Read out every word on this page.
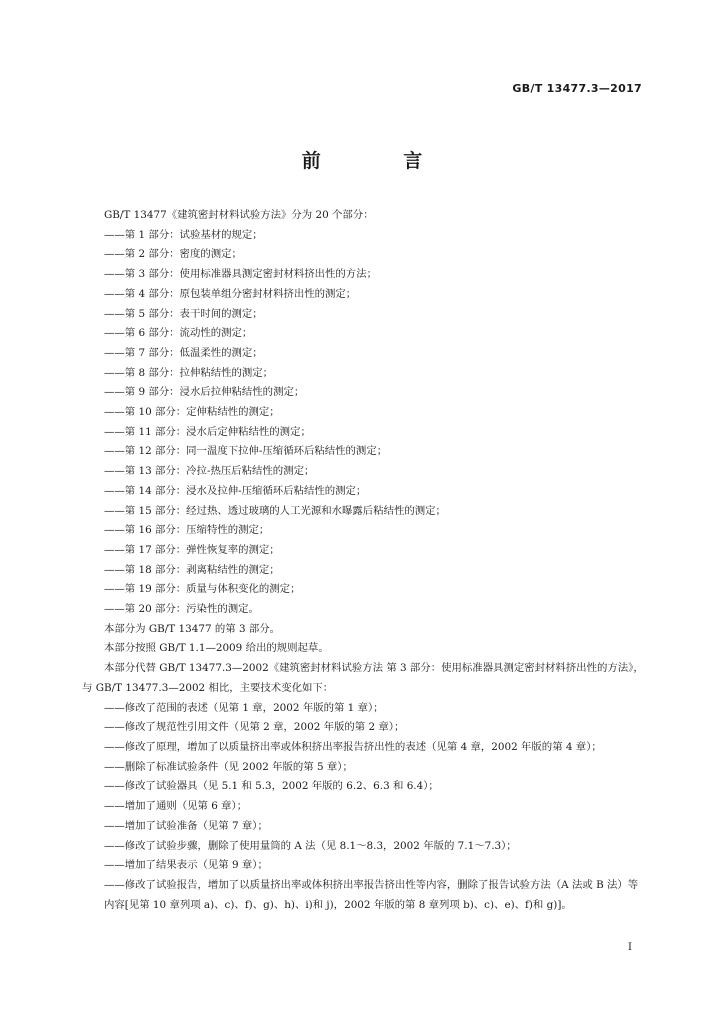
GB/T 13477.3—2017
前 言
GB/T 13477《建筑密封材料试验方法》分为 20 个部分：
——第 1 部分：试验基材的规定；
——第 2 部分：密度的测定；
——第 3 部分：使用标准器具测定密封材料挤出性的方法；
——第 4 部分：原包装单组分密封材料挤出性的测定；
——第 5 部分：表干时间的测定；
——第 6 部分：流动性的测定；
——第 7 部分：低温柔性的测定；
——第 8 部分：拉伸粘结性的测定；
——第 9 部分：浸水后拉伸粘结性的测定；
——第 10 部分：定伸粘结性的测定；
——第 11 部分：浸水后定伸粘结性的测定；
——第 12 部分：同一温度下拉伸-压缩循环后粘结性的测定；
——第 13 部分：冷拉-热压后粘结性的测定；
——第 14 部分：浸水及拉伸-压缩循环后粘结性的测定；
——第 15 部分：经过热、透过玻璃的人工光源和水曝露后粘结性的测定；
——第 16 部分：压缩特性的测定；
——第 17 部分：弹性恢复率的测定；
——第 18 部分：剥离粘结性的测定；
——第 19 部分：质量与体积变化的测定；
——第 20 部分：污染性的测定。
本部分为 GB/T 13477 的第 3 部分。
本部分按照 GB/T 1.1—2009 给出的规则起草。
本部分代替 GB/T 13477.3—2002《建筑密封材料试验方法 第 3 部分：使用标准器具测定密封材料挤出性的方法》，与 GB/T 13477.3—2002 相比，主要技术变化如下：
——修改了范围的表述（见第 1 章，2002 年版的第 1 章）；
——修改了规范性引用文件（见第 2 章，2002 年版的第 2 章）；
——修改了原理，增加了以质量挤出率或体积挤出率报告挤出性的表述（见第 4 章，2002 年版的第 4 章）；
——删除了标准试验条件（见 2002 年版的第 5 章）；
——修改了试验器具（见 5.1 和 5.3，2002 年版的 6.2、6.3 和 6.4）；
——增加了通则（见第 6 章）；
——增加了试验准备（见第 7 章）；
——修改了试验步骤，删除了使用量筒的 A 法（见 8.1～8.3，2002 年版的 7.1～7.3）；
——增加了结果表示（见第 9 章）；
——修改了试验报告，增加了以质量挤出率或体积挤出率报告挤出性等内容，删除了报告试验方法（A 法或 B 法）等内容[见第 10 章列项 a)、c)、f)、g)、h)、i)和 j)，2002 年版的第 8 章列项 b)、c)、e)、f)和 g)]。
I
